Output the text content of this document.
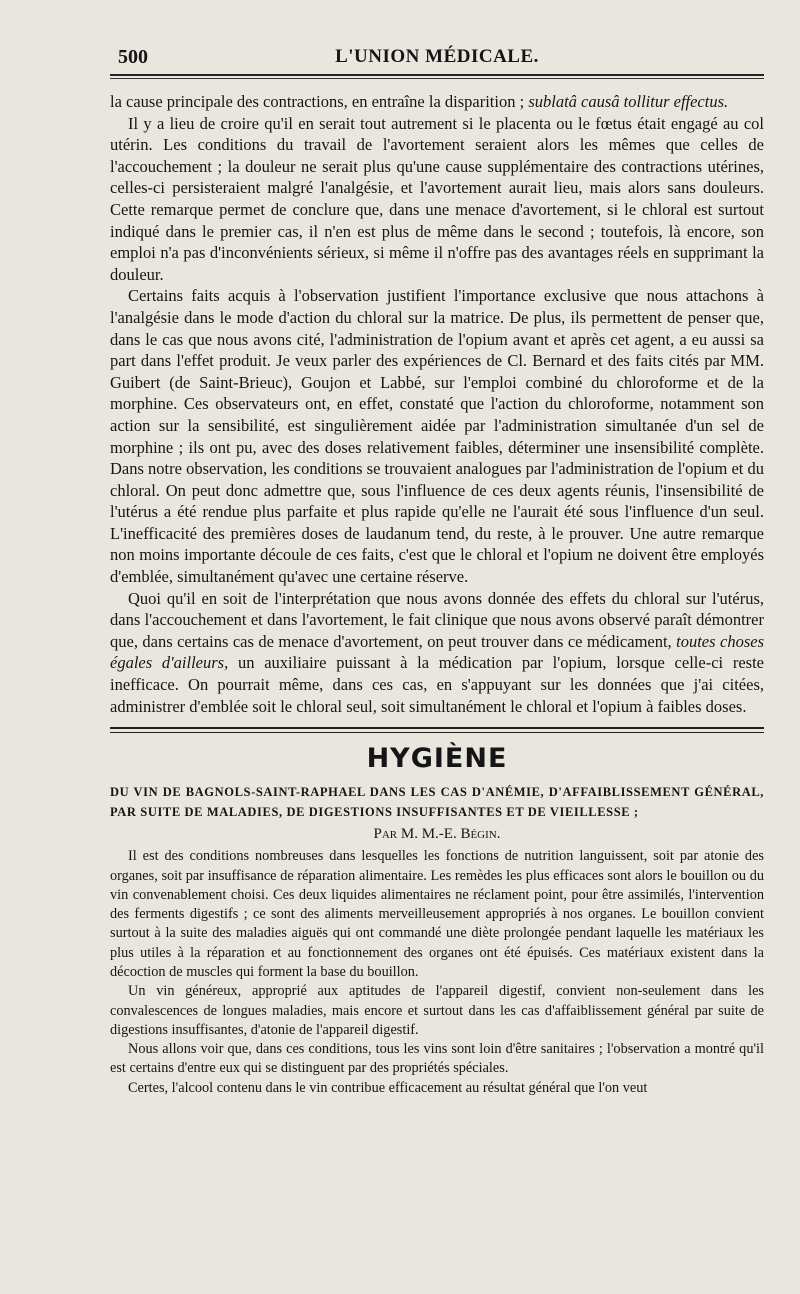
500	L'UNION MÉDICALE.

la cause principale des contractions, en entraîne la disparition ; sublatâ causâ tollitur effectus.

Il y a lieu de croire qu'il en serait tout autrement si le placenta ou le fœtus était engagé au col utérin. Les conditions du travail de l'avortement seraient alors les mêmes que celles de l'accouchement ; la douleur ne serait plus qu'une cause supplémentaire des contractions utérines, celles-ci persisteraient malgré l'analgésie, et l'avortement aurait lieu, mais alors sans douleurs. Cette remarque permet de conclure que, dans une menace d'avortement, si le chloral est surtout indiqué dans le premier cas, il n'en est plus de même dans le second ; toutefois, là encore, son emploi n'a pas d'inconvénients sérieux, si même il n'offre pas des avantages réels en supprimant la douleur.

Certains faits acquis à l'observation justifient l'importance exclusive que nous attachons à l'analgésie dans le mode d'action du chloral sur la matrice. De plus, ils permettent de penser que, dans le cas que nous avons cité, l'administration de l'opium avant et après cet agent, a eu aussi sa part dans l'effet produit. Je veux parler des expériences de Cl. Bernard et des faits cités par MM. Guibert (de Saint-Brieuc), Goujon et Labbé, sur l'emploi combiné du chloroforme et de la morphine. Ces observateurs ont, en effet, constaté que l'action du chloroforme, notamment son action sur la sensibilité, est singulièrement aidée par l'administration simultanée d'un sel de morphine ; ils ont pu, avec des doses relativement faibles, déterminer une insensibilité complète. Dans notre observation, les conditions se trouvaient analogues par l'administration de l'opium et du chloral. On peut donc admettre que, sous l'influence de ces deux agents réunis, l'insensibilité de l'utérus a été rendue plus parfaite et plus rapide qu'elle ne l'aurait été sous l'influence d'un seul. L'inefficacité des premières doses de laudanum tend, du reste, à le prouver. Une autre remarque non moins importante découle de ces faits, c'est que le chloral et l'opium ne doivent être employés d'emblée, simultanément qu'avec une certaine réserve.

Quoi qu'il en soit de l'interprétation que nous avons donnée des effets du chloral sur l'utérus, dans l'accouchement et dans l'avortement, le fait clinique que nous avons observé paraît démontrer que, dans certains cas de menace d'avortement, on peut trouver dans ce médicament, toutes choses égales d'ailleurs, un auxiliaire puissant à la médication par l'opium, lorsque celle-ci reste inefficace. On pourrait même, dans ces cas, en s'appuyant sur les données que j'ai citées, administrer d'emblée soit le chloral seul, soit simultanément le chloral et l'opium à faibles doses.

HYGIÈNE
DU VIN DE BAGNOLS-SAINT-RAPHAEL DANS LES CAS D'ANÉMIE, D'AFFAIBLISSEMENT GÉNÉRAL, PAR SUITE DE MALADIES, DE DIGESTIONS INSUFFISANTES ET DE VIEILLESSE ;
Par M. M.-E. Bégin.

Il est des conditions nombreuses dans lesquelles les fonctions de nutrition languissent, soit par atonie des organes, soit par insuffisance de réparation alimentaire. Les remèdes les plus efficaces sont alors le bouillon ou du vin convenablement choisi. Ces deux liquides alimentaires ne réclament point, pour être assimilés, l'intervention des ferments digestifs ; ce sont des aliments merveilleusement appropriés à nos organes. Le bouillon convient surtout à la suite des maladies aiguës qui ont commandé une diète prolongée pendant laquelle les matériaux les plus utiles à la réparation et au fonctionnement des organes ont été épuisés. Ces matériaux existent dans la décoction de muscles qui forment la base du bouillon.

Un vin généreux, approprié aux aptitudes de l'appareil digestif, convient non-seulement dans les convalescences de longues maladies, mais encore et surtout dans les cas d'affaiblissement général par suite de digestions insuffisantes, d'atonie de l'appareil digestif.

Nous allons voir que, dans ces conditions, tous les vins sont loin d'être sanitaires ; l'observation a montré qu'il est certains d'entre eux qui se distinguent par des propriétés spéciales.

Certes, l'alcool contenu dans le vin contribue efficacement au résultat général que l'on veut
